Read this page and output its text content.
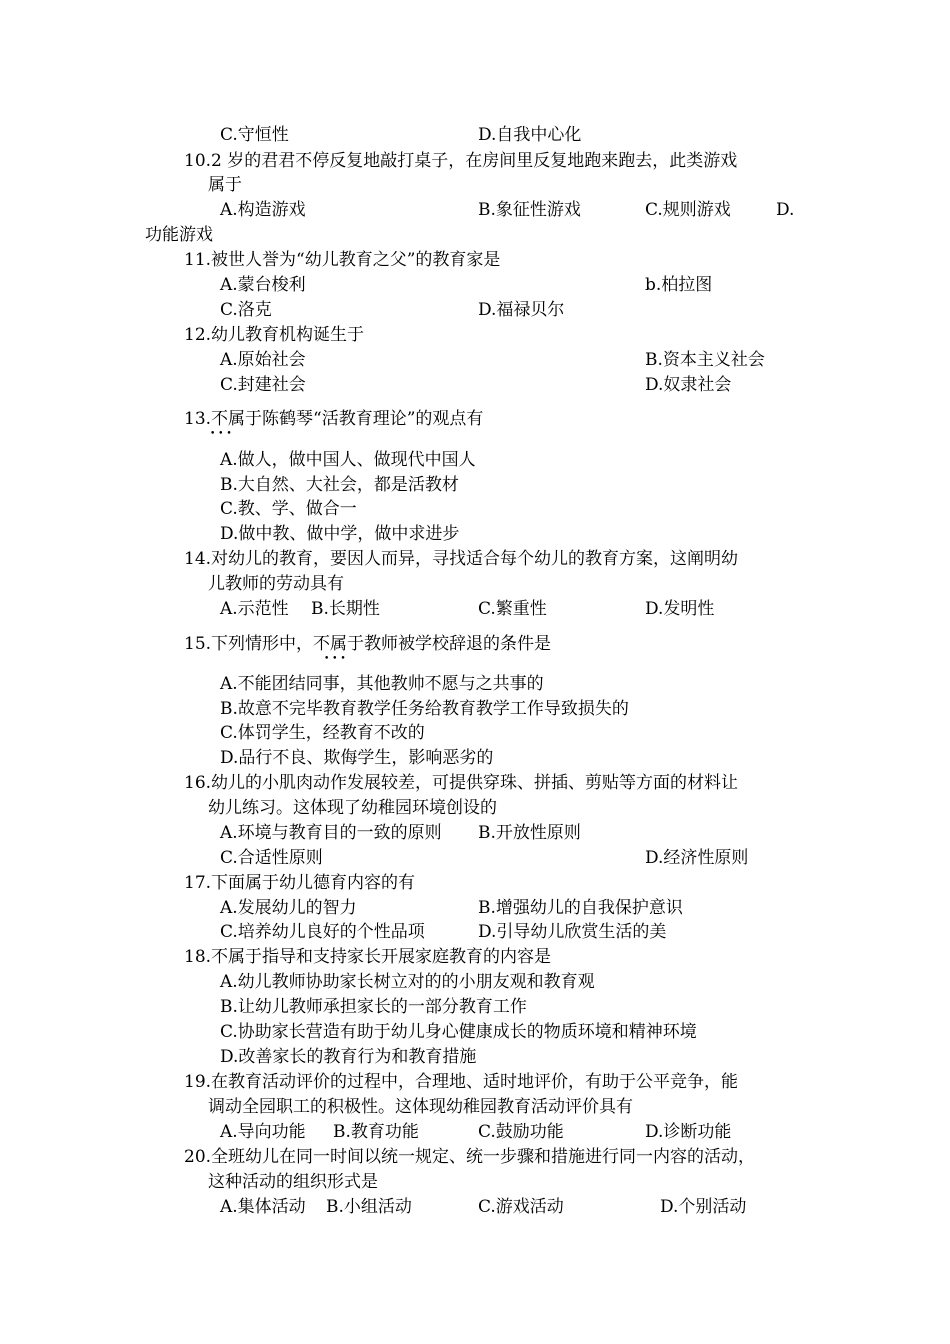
C.守恒性	D.自我中心化
10.2 岁的君君不停反复地敲打桌子，在房间里反复地跑来跑去，此类游戏
属于
A.构造游戏	B.象征性游戏	C.规则游戏	D.
功能游戏
11.被世人誉为“幼儿教育之父”的教育家是
A.蒙台梭利	b.柏拉图
C.洛克	D.福禄贝尔
12.幼儿教育机构诞生于
A.原始社会	B.资本主义社会
C.封建社会	D.奴隶社会
13.不属于陈鹤琴“活教育理论”的观点有
• • •
A.做人，做中国人、做现代中国人
B.大自然、大社会，都是活教材
C.教、学、做合一
D.做中教、做中学，做中求进步
14.对幼儿的教育，要因人而异，寻找适合每个幼儿的教育方案，这阐明幼
儿教师的劳动具有
A.示范性 B.长期性	C.繁重性	D.发明性
15.下列情形中，不属于教师被学校辞退的条件是
• • •
A.不能团结同事，其他教帅不愿与之共事的
B.故意不完毕教育教学任务给教育教学工作导致损失的
C.体罚学生，经教育不改的
D.品行不良、欺侮学生，影响恶劣的
16.幼儿的小肌肉动作发展较差，可提供穿珠、拼插、剪贴等方面的材料让
幼儿练习。这体现了幼稚园环境创设的
A.环境与教育目的一致的原则 B.开放性原则
C.合适性原则	D.经济性原则
17.下面属于幼儿德育内容的有
A.发展幼儿的智力	B.增强幼儿的自我保护意识
C.培养幼儿良好的个性品项	D.引导幼儿欣赏生活的美
18.不属于指导和支持家长开展家庭教育的内容是
A.幼儿教师协助家长树立对的的小朋友观和教育观
B.让幼儿教师承担家长的一部分教育工作
C.协助家长营造有助于幼儿身心健康成长的物质环境和精神环境
D.改善家长的教育行为和教育措施
19.在教育活动评价的过程中，合理地、适时地评价，有助于公平竞争，能
调动全园职工的积极性。这体现幼稚园教育活动评价具有
A.导向功能 B.教育功能	C.鼓励功能	D.诊断功能
20.全班幼儿在同一时间以统一规定、统一步骤和措施进行同一内容的活动，
这种活动的组织形式是
A.集体活动 B.小组活动	C.游戏活动	D.个别活动
